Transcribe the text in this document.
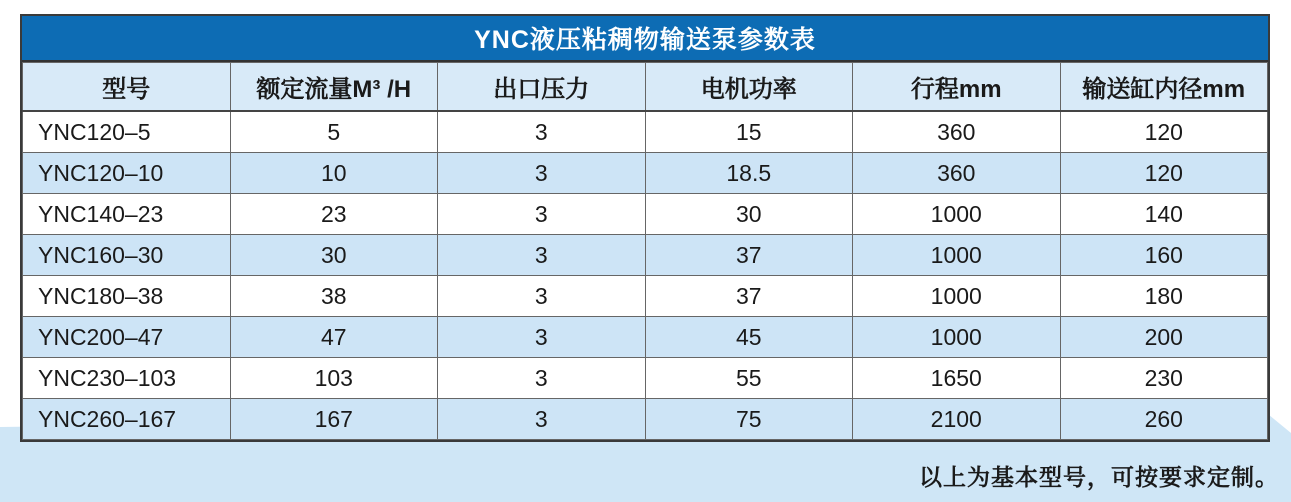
YNC液压粘稠物输送泵参数表
型号	额定流量M³ /H	出口压力	电机功率	行程mm	输送缸内径mm
YNC120–5	5	3	15	360	120
YNC120–10	10	3	18.5	360	120
YNC140–23	23	3	30	1000	140
YNC160–30	30	3	37	1000	160
YNC180–38	38	3	37	1000	180
YNC200–47	47	3	45	1000	200
YNC230–103	103	3	55	1650	230
YNC260–167	167	3	75	2100	260
以上为基本型号，可按要求定制。
